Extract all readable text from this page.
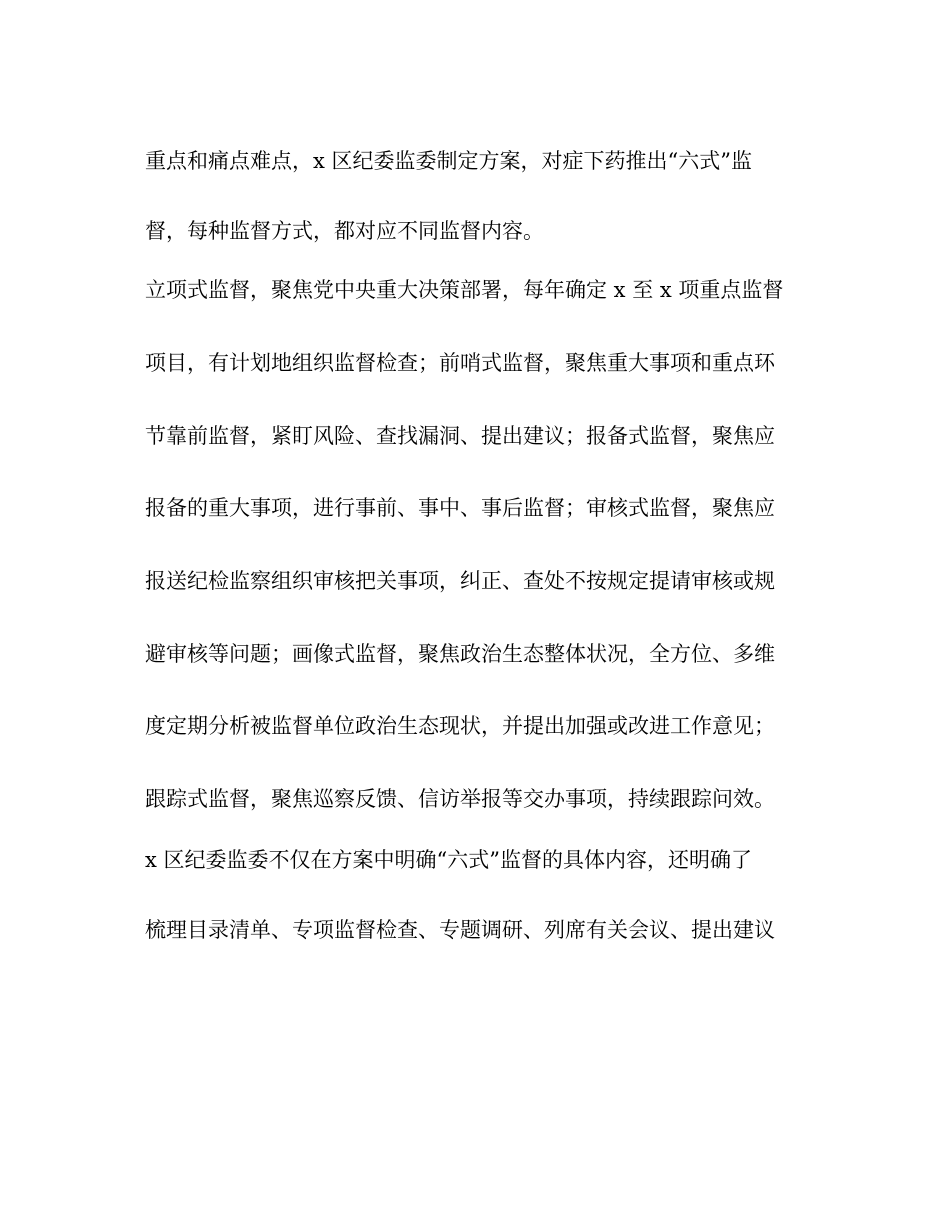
重点和痛点难点，x 区纪委监委制定方案，对症下药推出“六式”监

督，每种监督方式，都对应不同监督内容。

立项式监督，聚焦党中央重大决策部署，每年确定 x 至 x 项重点监督

项目，有计划地组织监督检查；前哨式监督，聚焦重大事项和重点环

节靠前监督，紧盯风险、查找漏洞、提出建议；报备式监督，聚焦应

报备的重大事项，进行事前、事中、事后监督；审核式监督，聚焦应

报送纪检监察组织审核把关事项，纠正、查处不按规定提请审核或规

避审核等问题；画像式监督，聚焦政治生态整体状况，全方位、多维

度定期分析被监督单位政治生态现状，并提出加强或改进工作意见；

跟踪式监督，聚焦巡察反馈、信访举报等交办事项，持续跟踪问效。

x 区纪委监委不仅在方案中明确“六式”监督的具体内容，还明确了

梳理目录清单、专项监督检查、专题调研、列席有关会议、提出建议
